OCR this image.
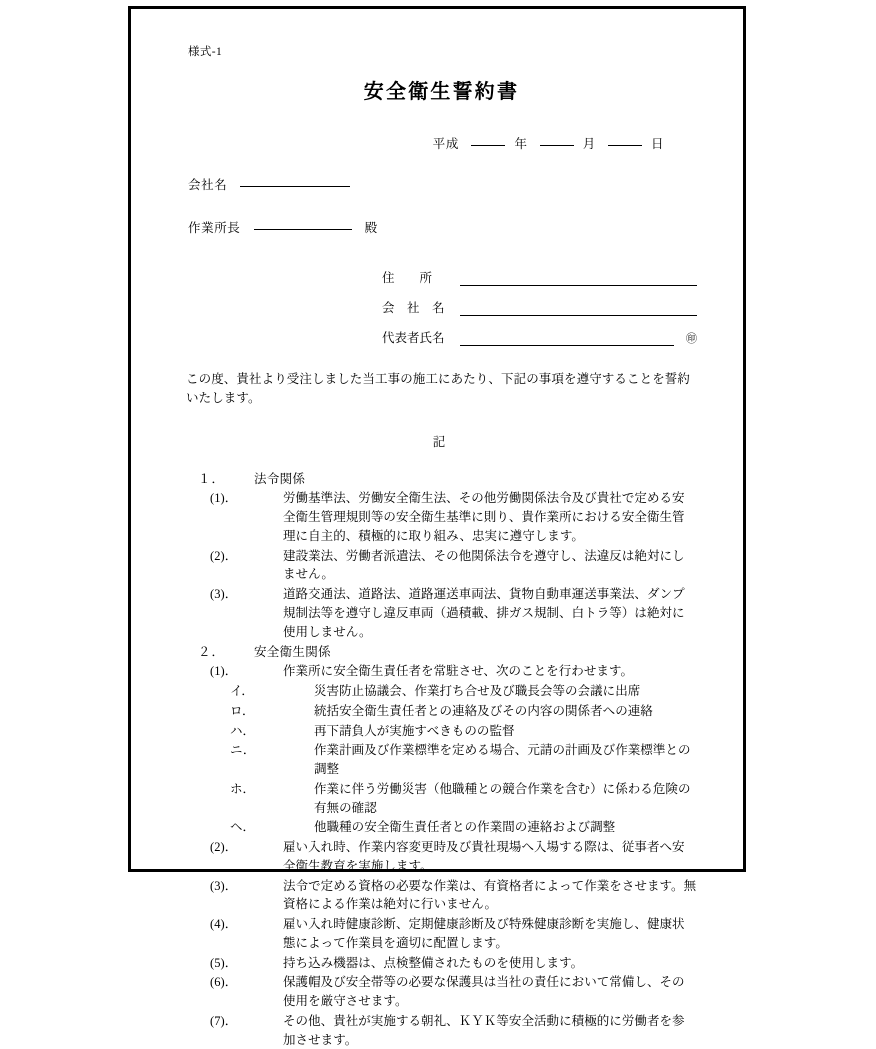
様式-1
安全衛生誓約書
平成	年	月	日
会社名
作業所長	殿
住　　所
会　社　名
代表者氏名	㊞

この度、貴社より受注しました当工事の施工にあたり、下記の事項を遵守することを誓約いたします。

記
１． 法令関係

(1)．	労働基準法、労働安全衛生法、その他労働関係法令及び貴社で定める安全衛生管理規則等の安全衛生基準に則り、貴作業所における安全衛生管理に自主的、積極的に取り組み、忠実に遵守します。

(2)．	建設業法、労働者派遣法、その他関係法令を遵守し、法違反は絶対にしません。

(3)．	道路交通法、道路法、道路運送車両法、貨物自動車運送事業法、ダンプ規制法等を遵守し違反車両（過積載、排ガス規制、白トラ等）は絶対に使用しません。

２． 安全衛生関係

(1)．	作業所に安全衛生責任者を常駐させ、次のことを行わせます。

イ．	災害防止協議会、作業打ち合せ及び職長会等の会議に出席

ロ．	統括安全衛生責任者との連絡及びその内容の関係者への連絡

ハ．	再下請負人が実施すべきものの監督

ニ．	作業計画及び作業標準を定める場合、元請の計画及び作業標準との調整

ホ．	作業に伴う労働災害（他職種との競合作業を含む）に係わる危険の有無の確認

ヘ．	他職種の安全衛生責任者との作業間の連絡および調整

(2)．	雇い入れ時、作業内容変更時及び貴社現場へ入場する際は、従事者へ安全衛生教育を実施します。

(3)．	法令で定める資格の必要な作業は、有資格者によって作業をさせます。無資格による作業は絶対に行いません。

(4)．	雇い入れ時健康診断、定期健康診断及び特殊健康診断を実施し、健康状態によって作業員を適切に配置します。

(5)．	持ち込み機器は、点検整備されたものを使用します。

(6)．	保護帽及び安全帯等の必要な保護具は当社の責任において常備し、その使用を厳守させます。

(7)．	その他、貴社が実施する朝礼、ＫＹＫ等安全活動に積極的に労働者を参加させます。
